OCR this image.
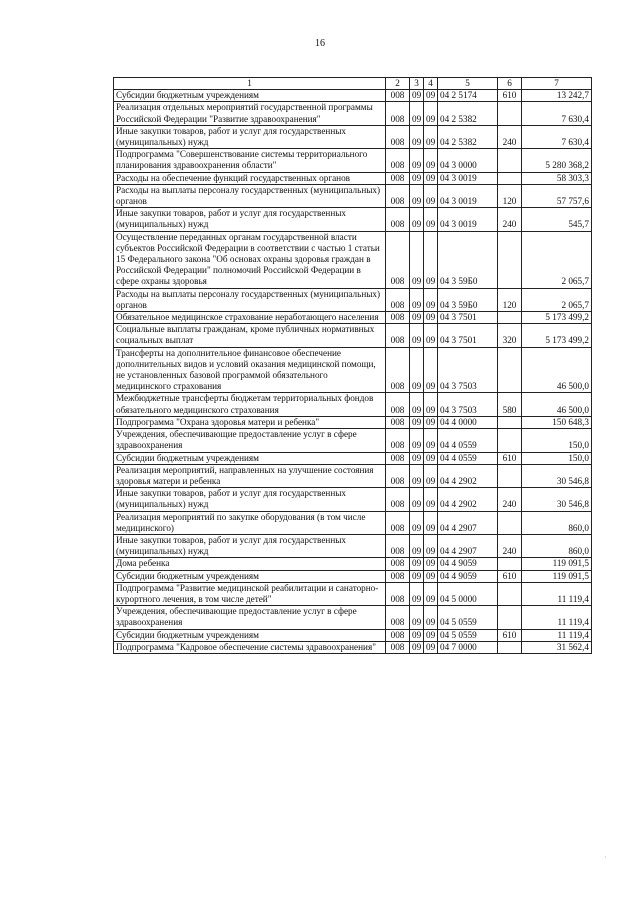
16
1	2	3	4	5	6	7
Субсидии бюджетным учреждениям	008	09	09	04 2 5174	610	13 242,7
Реализация отдельных мероприятий государственной программы Российской Федерации "Развитие здравоохранения"	008	09	09	04 2 5382		7 630,4
Иные закупки товаров, работ и услуг для государственных (муниципальных) нужд	008	09	09	04 2 5382	240	7 630,4
Подпрограмма "Совершенствование системы территориального планирования здравоохранения области"	008	09	09	04 3 0000		5 280 368,2
Расходы на обеспечение функций государственных органов	008	09	09	04 3 0019		58 303,3
Расходы на выплаты персоналу государственных (муниципальных) органов	008	09	09	04 3 0019	120	57 757,6
Иные закупки товаров, работ и услуг для государственных (муниципальных) нужд	008	09	09	04 3 0019	240	545,7
Осуществление переданных органам государственной власти субъектов Российской Федерации в соответствии с частью 1 статьи 15 Федерального закона "Об основах охраны здоровья граждан в Российской Федерации" полномочий Российской Федерации в сфере охраны здоровья	008	09	09	04 3 59Б0		2 065,7
Расходы на выплаты персоналу государственных (муниципальных) органов	008	09	09	04 3 59Б0	120	2 065,7
Обязательное медицинское страхование неработающего населения	008	09	09	04 3 7501		5 173 499,2
Социальные выплаты гражданам, кроме публичных нормативных социальных выплат	008	09	09	04 3 7501	320	5 173 499,2
Трансферты на дополнительное финансовое обеспечение дополнительных видов и условий оказания медицинской помощи, не установленных базовой программой обязательного медицинского страхования	008	09	09	04 3 7503		46 500,0
Межбюджетные трансферты бюджетам территориальных фондов обязательного медицинского страхования	008	09	09	04 3 7503	580	46 500,0
Подпрограмма "Охрана здоровья матери и ребенка"	008	09	09	04 4 0000		150 648,3
Учреждения, обеспечивающие предоставление услуг в сфере здравоохранения	008	09	09	04 4 0559		150,0
Субсидии бюджетным учреждениям	008	09	09	04 4 0559	610	150,0
Реализация мероприятий, направленных на улучшение состояния здоровья матери и ребенка	008	09	09	04 4 2902		30 546,8
Иные закупки товаров, работ и услуг для государственных (муниципальных) нужд	008	09	09	04 4 2902	240	30 546,8
Реализация мероприятий по закупке оборудования (в том числе медицинского)	008	09	09	04 4 2907		860,0
Иные закупки товаров, работ и услуг для государственных (муниципальных) нужд	008	09	09	04 4 2907	240	860,0
Дома ребенка	008	09	09	04 4 9059		119 091,5
Субсидии бюджетным учреждениям	008	09	09	04 4 9059	610	119 091,5
Подпрограмма "Развитие медицинской реабилитации и санаторно-курортного лечения, в том числе детей"	008	09	09	04 5 0000		11 119,4
Учреждения, обеспечивающие предоставление услуг в сфере здравоохранения	008	09	09	04 5 0559		11 119,4
Субсидии бюджетным учреждениям	008	09	09	04 5 0559	610	11 119,4
Подпрограмма "Кадровое обеспечение системы здравоохранения"	008	09	09	04 7 0000		31 562,4
·
